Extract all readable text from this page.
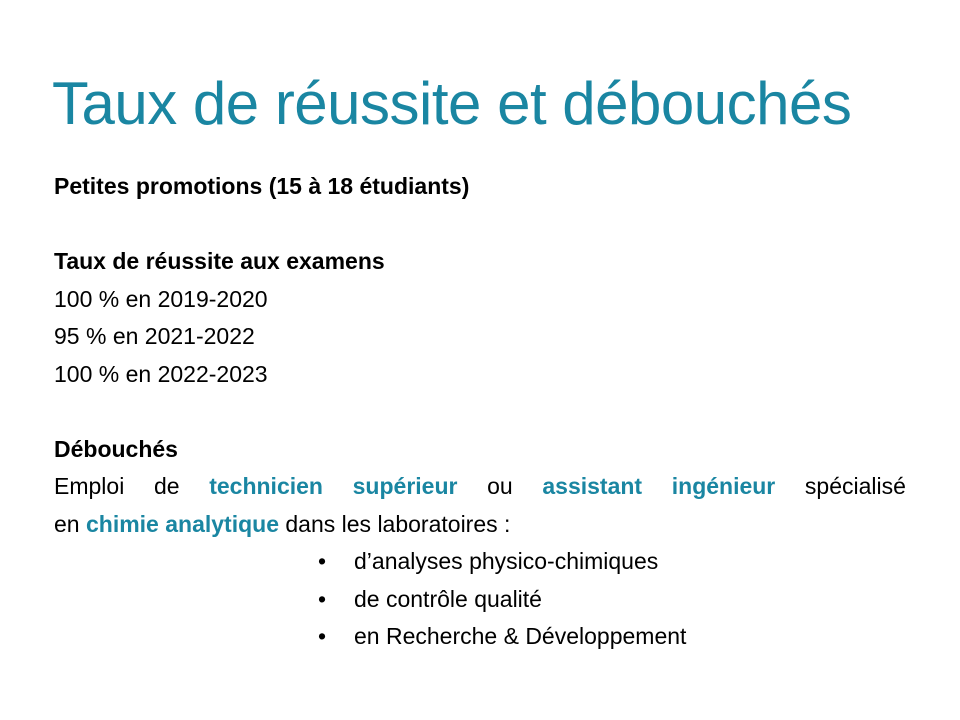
Taux de réussite et débouchés
Petites promotions (15 à 18 étudiants)
Taux de réussite aux examens
100 % en 2019-2020
95 % en 2021-2022
100 % en 2022-2023
Débouchés
Emploi de technicien supérieur ou assistant ingénieur spécialisé
en chimie analytique dans les laboratoires :
• d’analyses physico-chimiques
• de contrôle qualité
• en Recherche & Développement
